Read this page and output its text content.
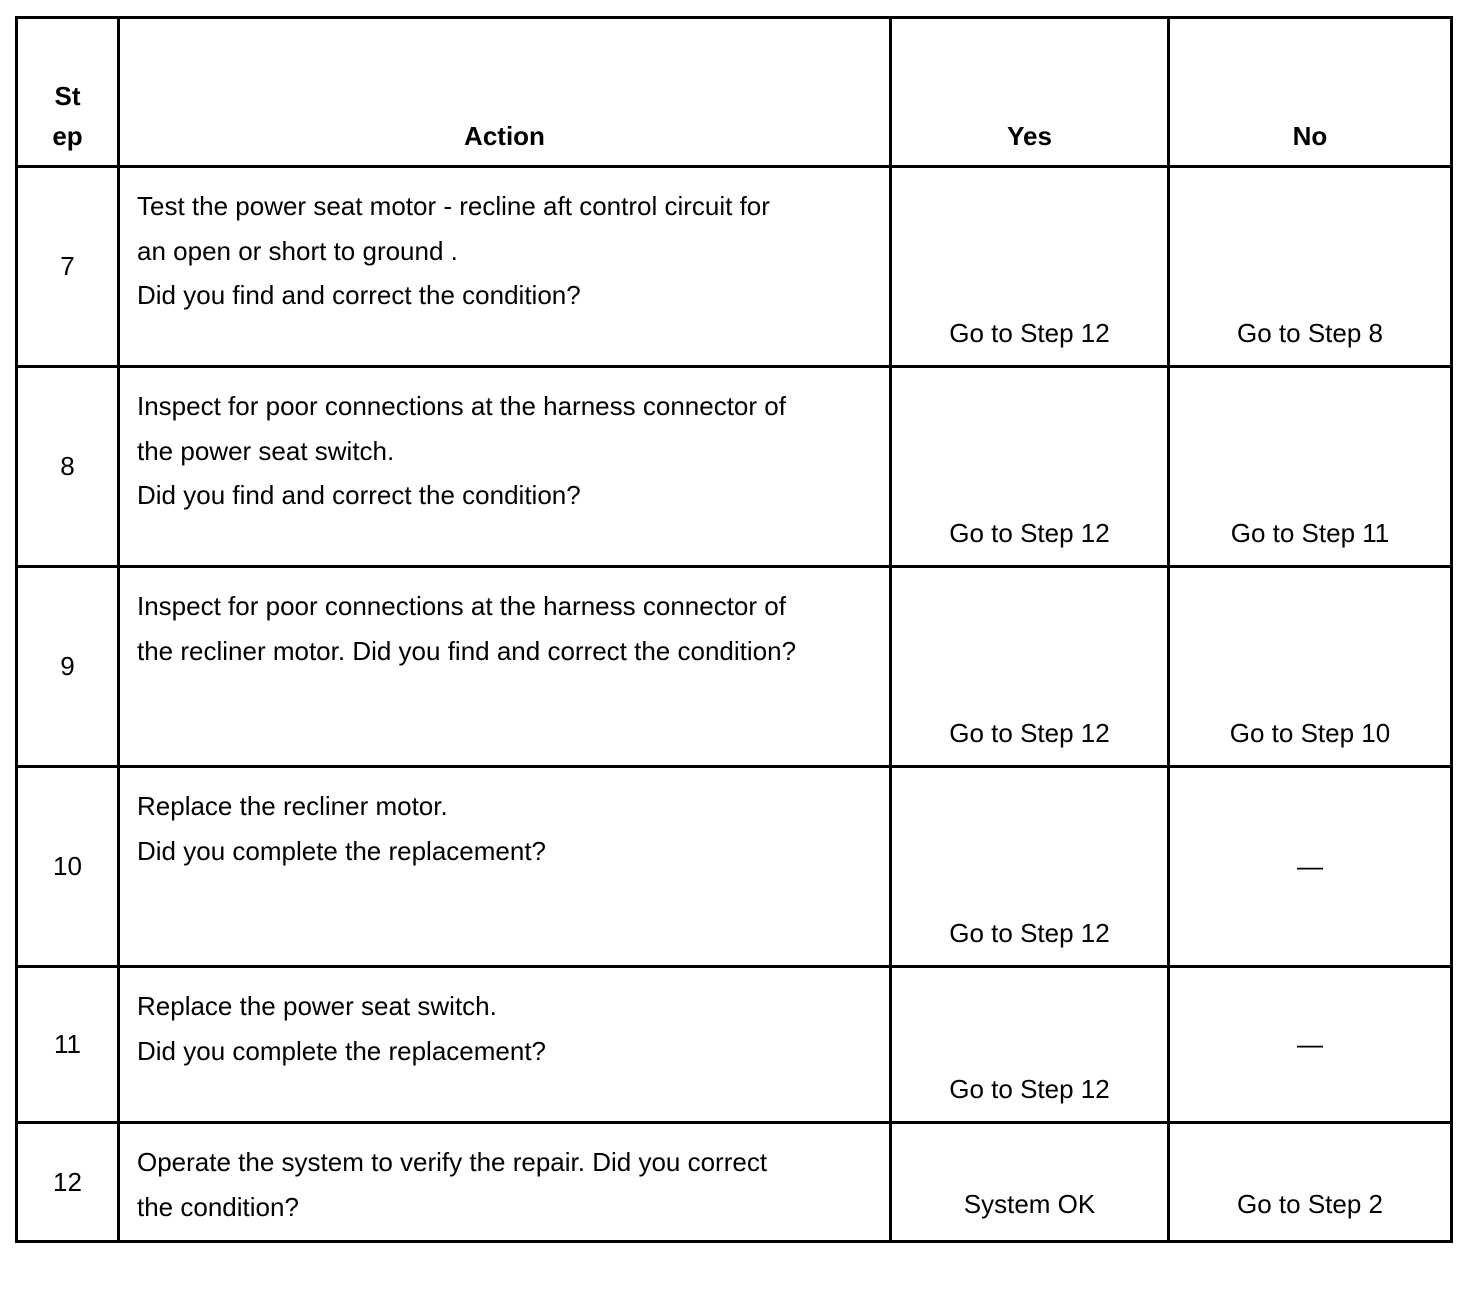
St
ep	Action	Yes	No

7	Test the power seat motor - recline aft control circuit for
an open or short to ground .
Did you find and correct the condition?	Go to Step 12	Go to Step 8
8	Inspect for poor connections at the harness connector of
the power seat switch.
Did you find and correct the condition?	Go to Step 12	Go to Step 11
9	Inspect for poor connections at the harness connector of
the recliner motor. Did you find and correct the condition?	Go to Step 12	Go to Step 10
10	Replace the recliner motor.
Did you complete the replacement?	Go to Step 12	—
11	Replace the power seat switch.
Did you complete the replacement?	Go to Step 12	—
12	Operate the system to verify the repair. Did you correct
the condition?	System OK	Go to Step 2
